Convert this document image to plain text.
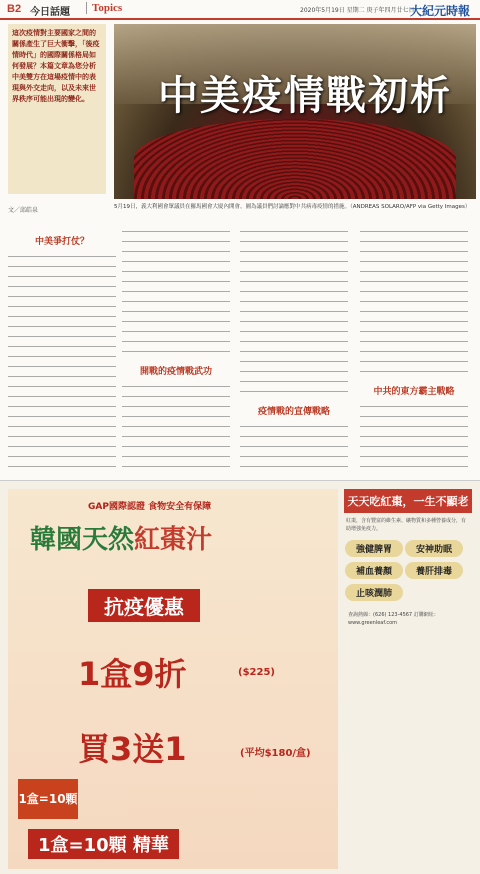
B2 今日話題	Topics	2020年5月19日 星期二 庚子年四月廿七日
大紀元時報

這次疫情對主要國家之間的關係產生了巨大衝擊，「後疫情時代」的國際關係格局如何發展？本篇文章為您分析中美雙方在這場疫情中的表現與外交走向，以及未來世界秩序可能出現的變化。	中美疫情戰初析
5月19日，義大利國會眾議員在羅馬國會大廈內開會。圖為議員們討論應對中共病毒疫情的措施。（ANDREAS SOLARO/AFP via Getty Images）
文／邱皓泉
中美爭打仗？
開戰的疫情戰武功
疫情戰的宣傳戰略
中共的東方霸主戰略
GAP國際認證 食物安全有保障
韓國天然紅棗汁
抗疫優惠
1盒9折	($225)
買3送1	(平均$180/盒)
1盒=10顆
1盒=10顆 精華
天天吃紅棗，一生不顯老
紅棗，含有豐富的維生素、礦物質和多種營養成分，有助增強免疫力。
強健脾胃	安神助眠 補血養顏	養肝排毒 止咳潤肺
查詢熱線：(626) 123-4567 訂購網址：www.greenleaf.com
